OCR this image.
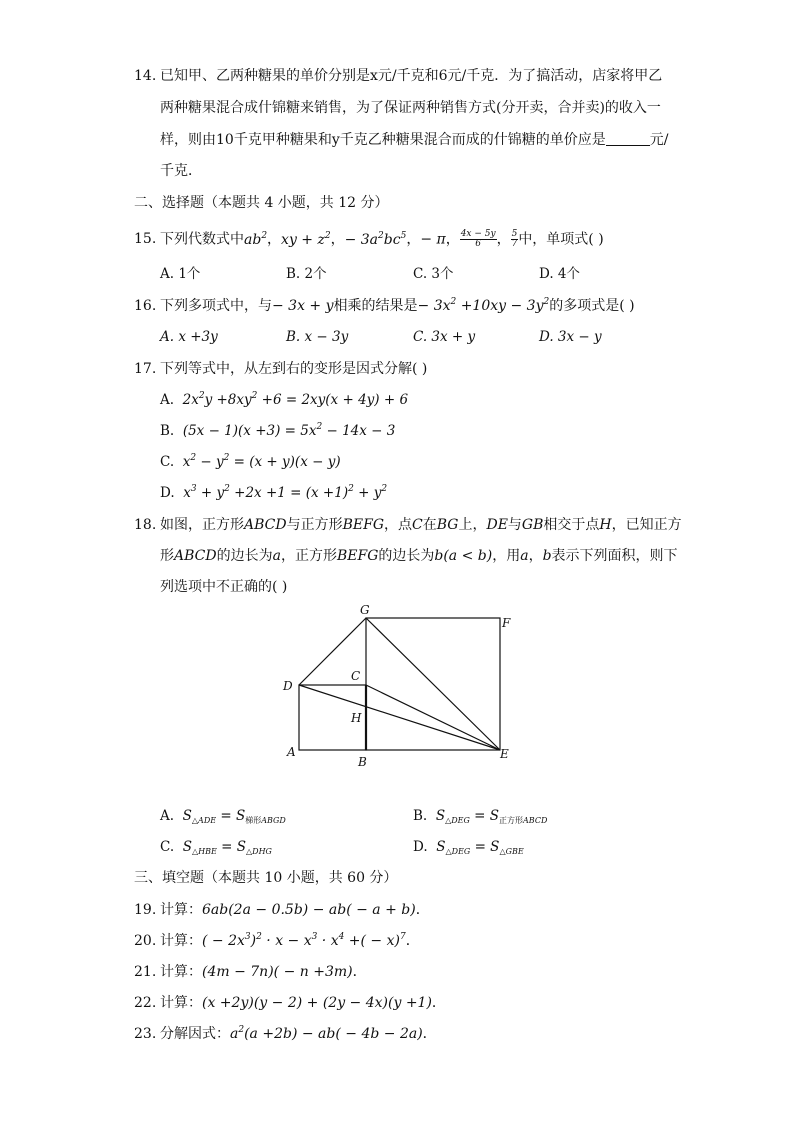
14. 已知甲、乙两种糖果的单价分别是x元/千克和6元/千克．为了搞活动，店家将甲乙
两种糖果混合成什锦糖来销售，为了保证两种销售方式(分开卖，合并卖)的收入一
样，则由10千克甲种糖果和y千克乙种糖果混合而成的什锦糖的单价应是	元/
千克．
二、选择题（本题共 4 小题，共 12 分）
15. 下列代数式中$ab^2$，xy + $z^2$，− $3a^2bc^5$，− π， $\frac{4x - 5y}{6}$ ， $\frac{5}{7}$ 中，单项式( )
A. 1个	B. 2个	C. 3个	D. 4个
16. 下列多项式中，与− 3x + y相乘的结果是− $3x^2 +10xy - 3y^2$的多项式是( )
A. x +3y	B. x − 3y	C. 3x + y	D. 3x − y
17. 下列等式中，从左到右的变形是因式分解( )
A. $2x^2y +8xy^2 +6 = 2xy(x + 4y) + 6$
B. $(5x - 1)(x +3) = 5x^2 - 14x - 3$
C. $x^2 - y^2 = (x + y)(x - y)$
D. $x^3 + y^2 +2x +1 = (x +1)^2 + y^2$
18. 如图，正方形ABCD与正方形BEFG，点C在BG上，DE与GB相交于点H，已知正方
形ABCD的边长为a，正方形BEFG的边长为b(a < b)，用a，b表示下列面积，则下
列选项中不正确的( )
G
F
D
C
H
A
B
E
A. $S_{\triangle ADE} = S_{梯形ABGD}$	B. $S_{\triangle DEG} = S_{正方形ABCD}$
C. $S_{\triangle HBE} = S_{\triangle DHG}$	D. $S_{\triangle DEG} = S_{\triangle GBE}$
三、填空题（本题共 10 小题，共 60 分）
19. 计算：6ab(2a − 0.5b) − ab( − a + b)．
20. 计算：( − $2x^3)^2 \cdot x - x^3 \cdot x^4$ +( − x)$^7$．
21. 计算：(4m − 7n)( − n +3m)．
22. 计算：(x +2y)(y − 2) + (2y − 4x)(y +1)．
23. 分解因式：$a^2(a +2b) - ab( - 4b - 2a)$．
